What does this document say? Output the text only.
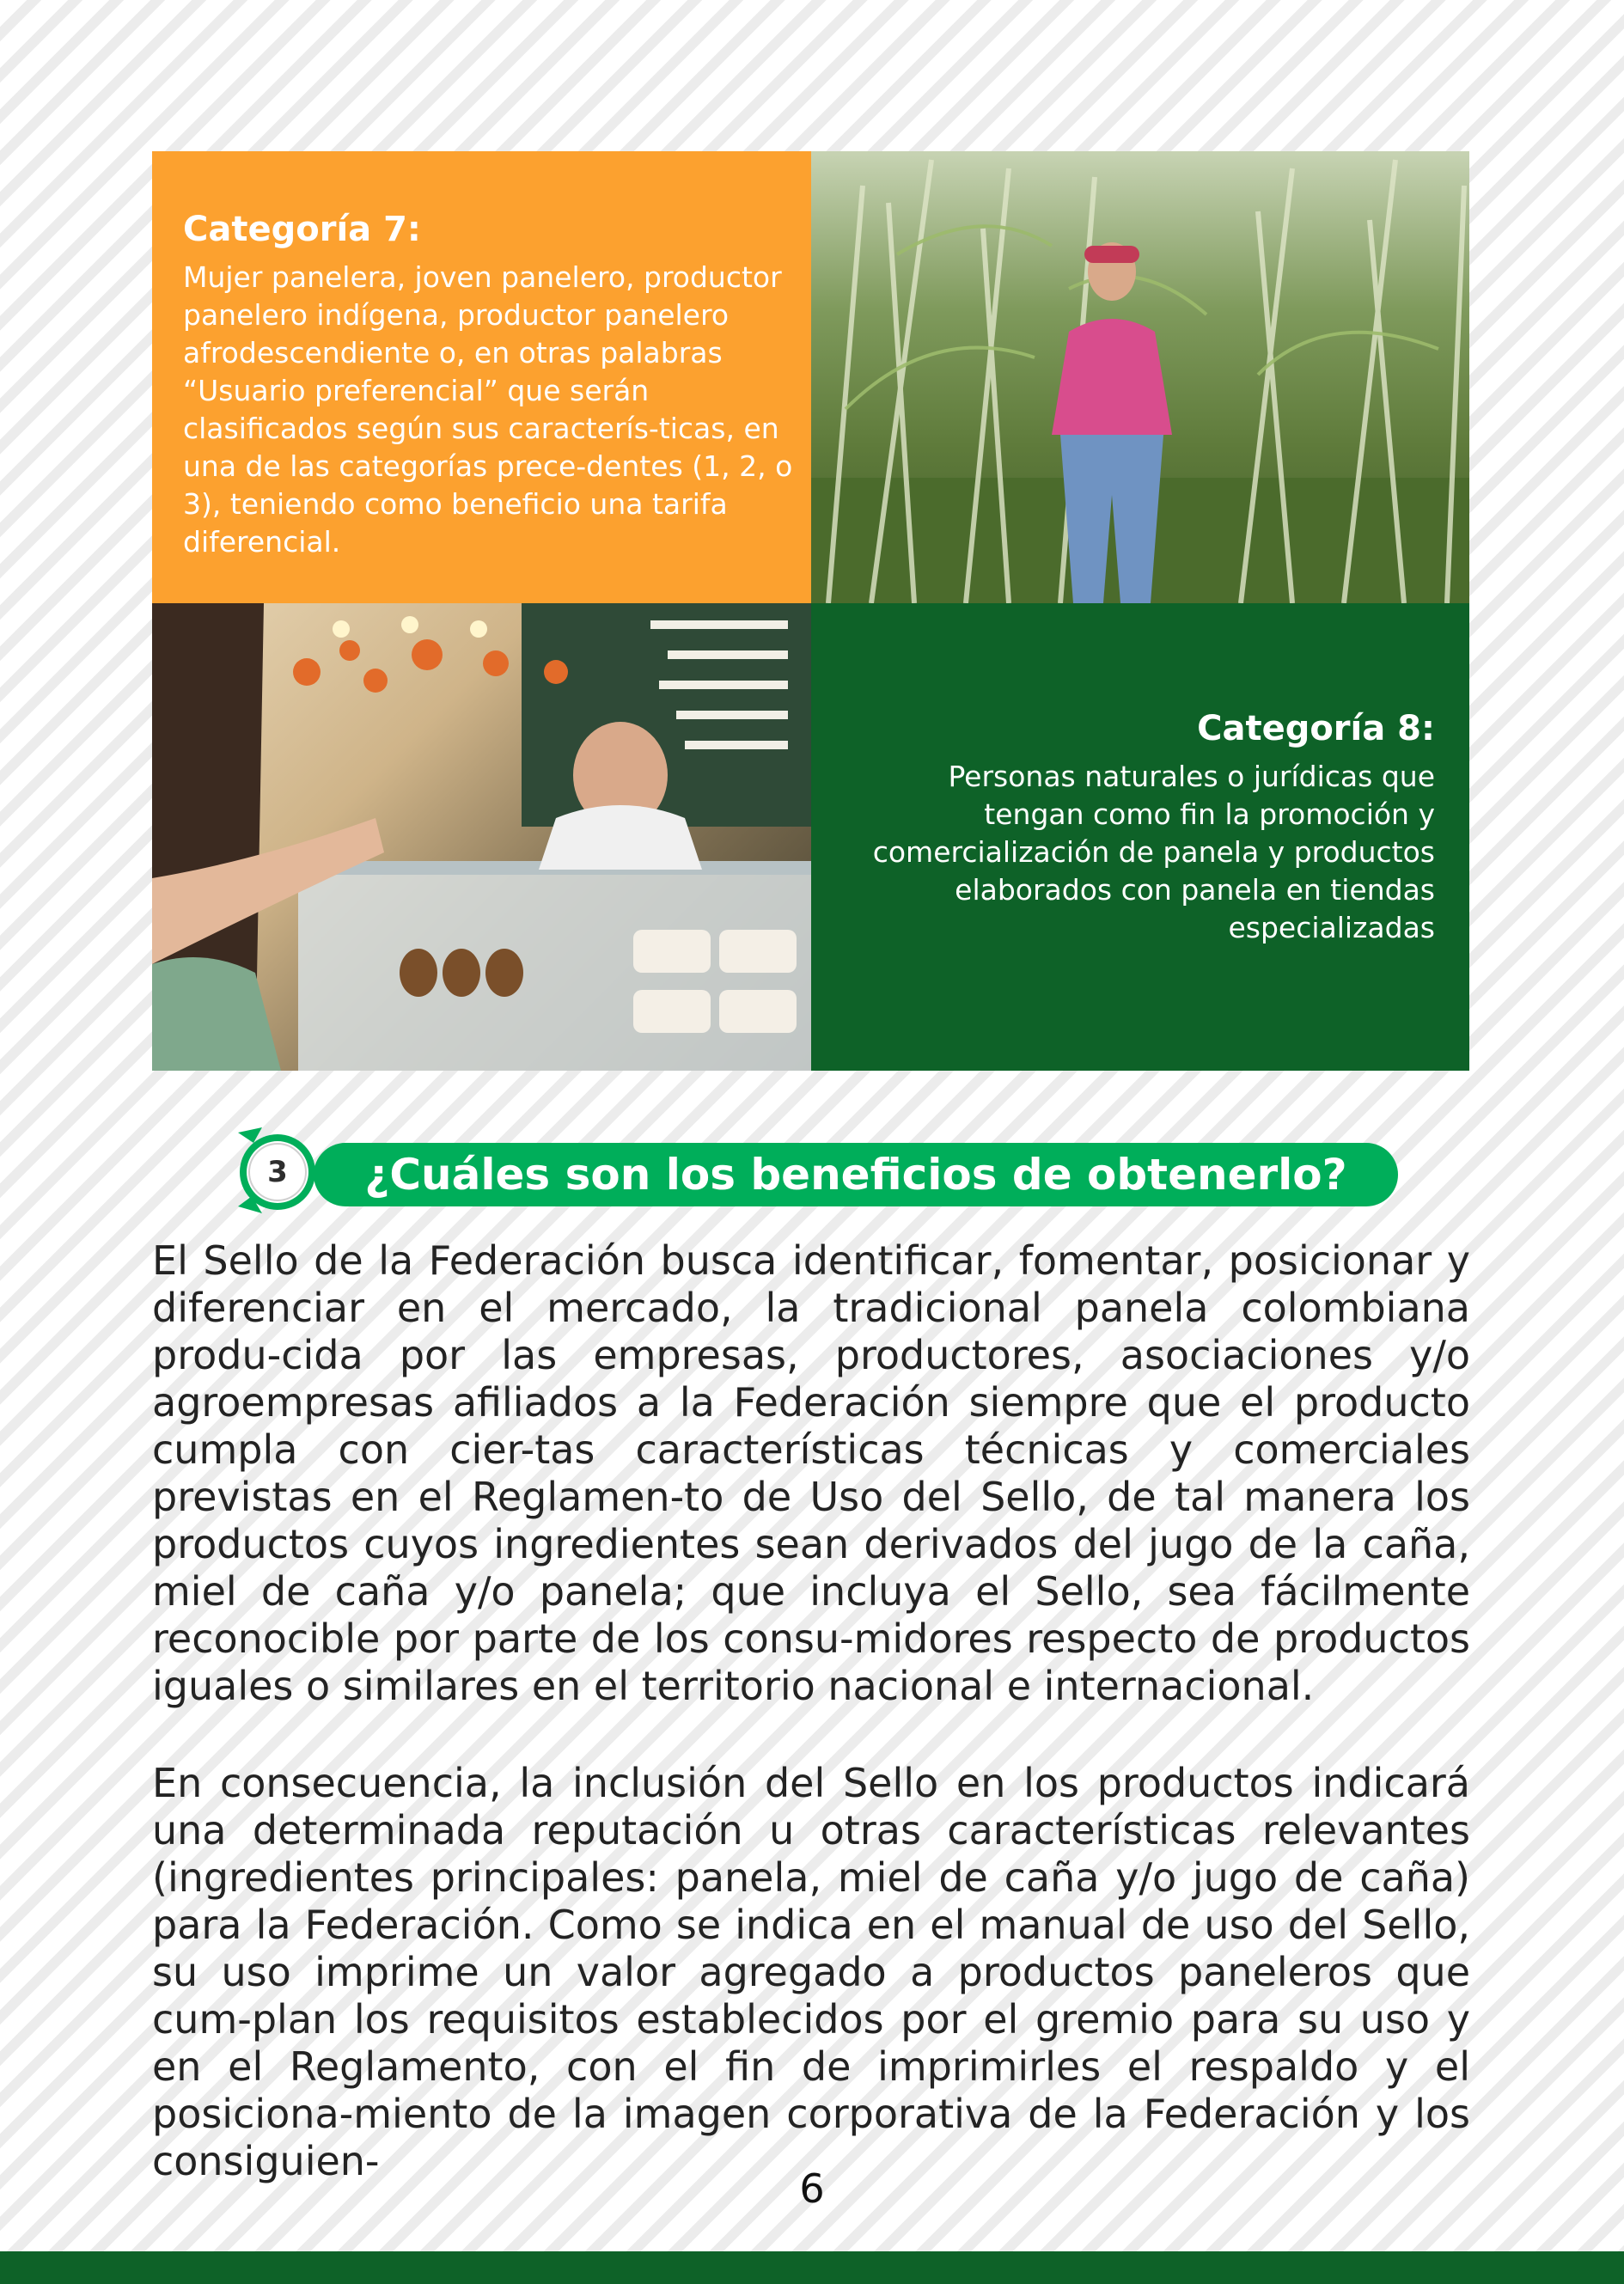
Categoría 7:

Mujer panelera, joven panelero, productor panelero indígena, productor panelero afrodescendiente o, en otras palabras “Usuario preferencial” que serán clasificados según sus caracterís-ticas, en una de las categorías prece-dentes (1, 2, o 3), teniendo como beneficio una tarifa diferencial.

Categoría 8:

Personas naturales o jurídicas que tengan como fin la promoción y comercialización de panela y productos elaborados con panela en tiendas especializadas

¿Cuáles son los beneficios de obtenerlo?
3

El Sello de la Federación busca identificar, fomentar, posicionar y diferenciar en el mercado, la tradicional panela colombiana produ-cida por las empresas, productores, asociaciones y/o agroempresas afiliados a la Federación siempre que el producto cumpla con cier-tas características técnicas y comerciales previstas en el Reglamen-to de Uso del Sello, de tal manera los productos cuyos ingredientes sean derivados del jugo de la caña, miel de caña y/o panela; que incluya el Sello, sea fácilmente reconocible por parte de los consu-midores respecto de productos iguales o similares en el territorio nacional e internacional.

En consecuencia, la inclusión del Sello en los productos indicará una determinada reputación u otras características relevantes (ingredientes principales: panela, miel de caña y/o jugo de caña) para la Federación. Como se indica en el manual de uso del Sello, su uso imprime un valor agregado a productos paneleros que cum-plan los requisitos establecidos por el gremio para su uso y en el Reglamento, con el fin de imprimirles el respaldo y el posiciona-miento de la imagen corporativa de la Federación y los consiguien-

6
